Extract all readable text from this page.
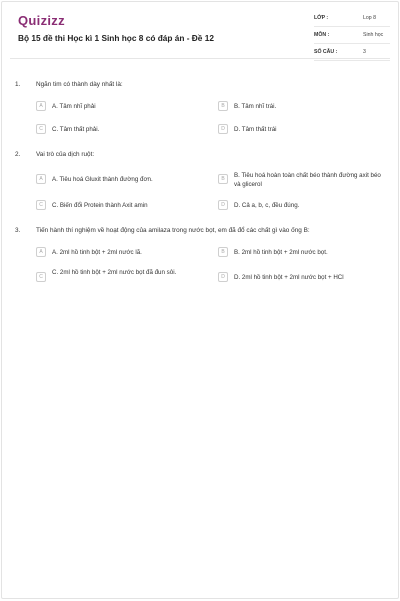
Quizizz
Bộ 15 đề thi Học kì 1 Sinh học 8 có đáp án - Đề 12
LỚP :	Lop 8
MÔN :	Sinh học
SỐ CÂU :	3
1. Ngăn tim có thành dày nhất là:
A	A. Tâm nhĩ phải	B	B. Tâm nhĩ trái.
C	C. Tâm thất phải.	D	D. Tâm thất trái
2. Vai trò của dịch ruột:
A	A. Tiêu hoá Gluxit thành đường đơn.	B	B. Tiêu hoá hoàn toàn chất béo thành đường axit béo và glicerol
C	C. Biến đổi Protein thành Axit amin	D	D. Cả a, b, c, đều đúng.
3. Tiến hành thí nghiệm về hoạt động của amilaza trong nước bọt, em đã đổ các chất gì vào ống B:
A	A. 2ml hồ tinh bột + 2ml nước lã.	B	B. 2ml hồ tinh bột + 2ml nước bọt.
C
C. 2ml hồ tinh bột + 2ml nước bọt đã đun sôi.
D	D. 2ml hồ tinh bột + 2ml nước bọt + HCl
